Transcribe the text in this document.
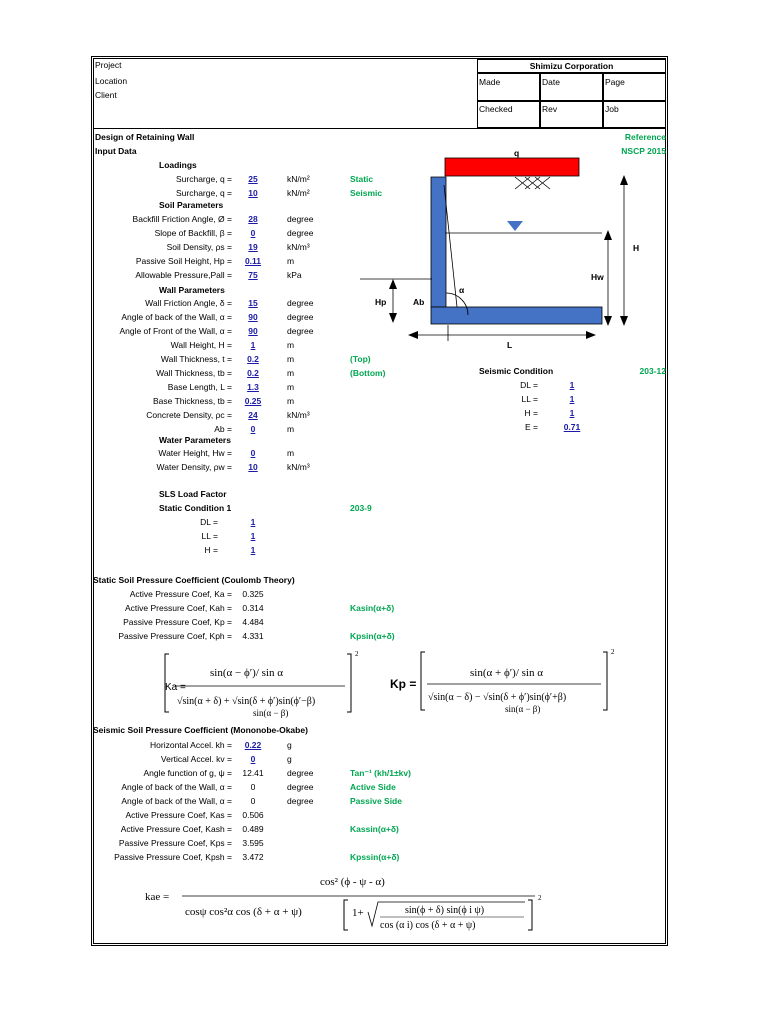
Project
Location
Client
Shimizu Corporation
Made	Date	Page
Checked	Rev	Job
Design of Retaining Wall
Input Data
Reference
NSCP 2015
Loadings
Soil Parameters
Wall Parameters
Water Parameters
Surcharge, q =	25	kN/m²	Static
Surcharge, q =	10	kN/m²	Seismic
Backfill Friction Angle, Ø =	28	degree
Slope of Backfill, β =	0	degree
Soil Density, ρs =	19	kN/m³
Passive Soil Height, Hp =	0.11	m
Allowable Pressure,Pall =	75	kPa
Wall Friction Angle, δ =	15	degree
Angle of back of the Wall, α =	90	degree
Angle of Front of the Wall, α =	90	degree
Wall Height, H =	1	m
Wall Thickness, t =	0.2	m	(Top)
Wall Thickness, tb =	0.2	m	(Bottom)
Base Length, L =	1.3	m
Base Thickness, tb =	0.25	m
Concrete Density, ρc =	24	kN/m³
Ab =	0	m
Water Height, Hw =	0	m
Water Density, ρw =	10	kN/m³
q
H
Hw
Hp	Ab
α
L
Seismic Condition	203-12
DL =	1
LL =	1
H =	1
E =	0.71
SLS Load Factor
Static Condition 1	203-9
DL =	1
LL =	1
H =	1
Static Soil Pressure Coefficient (Coulomb Theory)
Active Pressure Coef, Ka =	0.325
Active Pressure Coef, Kah =	0.314	Kasin(α+δ)
Passive Pressure Coef, Kp =	4.484
Passive Pressure Coef, Kph =	4.331	Kpsin(α+δ)
Ka =
2
sin(α − ϕ′)/ sin α
√sin(α + δ) + √sin(δ + ϕ′)sin(ϕ′−β)
sin(α − β)
Kp =
2
sin(α + ϕ′)/ sin α
√sin(α − δ) − √sin(δ + ϕ′)sin(ϕ′+β)
sin(α − β)
Seismic Soil Pressure Coefficient (Mononobe-Okabe)
Horizontal Accel. kh =	0.22	g
Vertical Accel. kv =	0	g
Angle function of g, ψ =	12.41	degree	Tan⁻¹ (kh/1±kv)
Angle of back of the Wall, α =	0	degree	Active Side
Angle of back of the Wall, α =	0	degree	Passive Side
Active Pressure Coef, Kas =	0.506
Active Pressure Coef, Kash =	0.489	Kassin(α+δ)
Passive Pressure Coef, Kps =	3.595
Passive Pressure Coef, Kpsh =	3.472	Kpssin(α+δ)
kae =
cos² (ϕ - ψ - α)
cosψ cos²α cos (δ + α + ψ)
2
1+	sin(ϕ + δ) sin(ϕ i ψ)
cos (α i) cos (δ + α + ψ)
